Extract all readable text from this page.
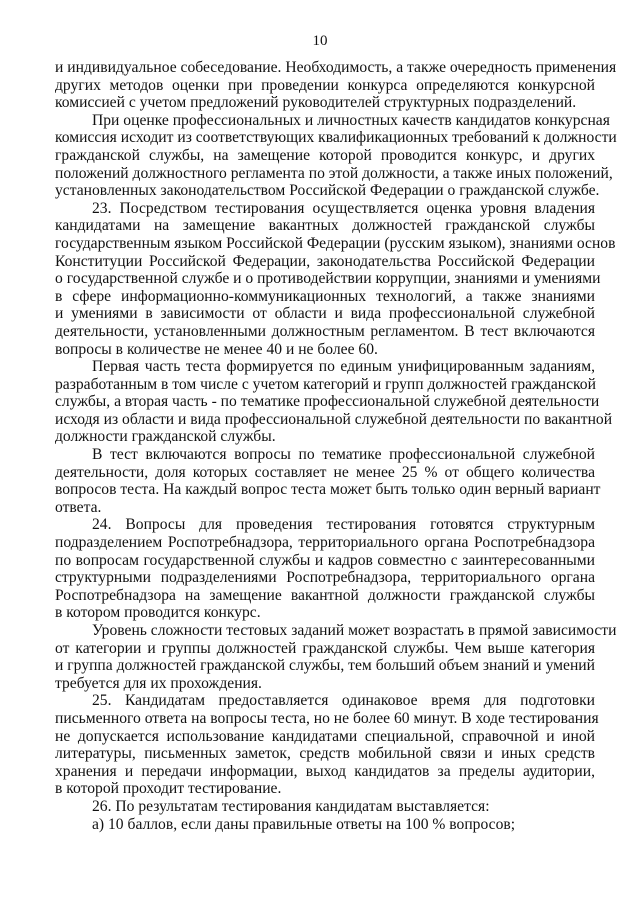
10
и индивидуальное собеседование. Необходимость, а также очередность применения
других методов оценки при проведении конкурса определяются конкурсной
комиссией с учетом предложений руководителей структурных подразделений.
При оценке профессиональных и личностных качеств кандидатов конкурсная
комиссия исходит из соответствующих квалификационных требований к должности
гражданской службы, на замещение которой проводится конкурс, и других
положений должностного регламента по этой должности, а также иных положений,
установленных законодательством Российской Федерации о гражданской службе.
23. Посредством тестирования осуществляется оценка уровня владения
кандидатами на замещение вакантных должностей гражданской службы
государственным языком Российской Федерации (русским языком), знаниями основ
Конституции Российской Федерации, законодательства Российской Федерации
о государственной службе и о противодействии коррупции, знаниями и умениями
в сфере информационно-коммуникационных технологий, а также знаниями
и умениями в зависимости от области и вида профессиональной служебной
деятельности, установленными должностным регламентом. В тест включаются
вопросы в количестве не менее 40 и не более 60.
Первая часть теста формируется по единым унифицированным заданиям,
разработанным в том числе с учетом категорий и групп должностей гражданской
службы, а вторая часть - по тематике профессиональной служебной деятельности
исходя из области и вида профессиональной служебной деятельности по вакантной
должности гражданской службы.
В тест включаются вопросы по тематике профессиональной служебной
деятельности, доля которых составляет не менее 25 % от общего количества
вопросов теста. На каждый вопрос теста может быть только один верный вариант
ответа.
24. Вопросы для проведения тестирования готовятся структурным
подразделением Роспотребнадзора, территориального органа Роспотребнадзора
по вопросам государственной службы и кадров совместно с заинтересованными
структурными подразделениями Роспотребнадзора, территориального органа
Роспотребнадзора на замещение вакантной должности гражданской службы
в котором проводится конкурс.
Уровень сложности тестовых заданий может возрастать в прямой зависимости
от категории и группы должностей гражданской службы. Чем выше категория
и группа должностей гражданской службы, тем больший объем знаний и умений
требуется для их прохождения.
25. Кандидатам предоставляется одинаковое время для подготовки
письменного ответа на вопросы теста, но не более 60 минут. В ходе тестирования
не допускается использование кандидатами специальной, справочной и иной
литературы, письменных заметок, средств мобильной связи и иных средств
хранения и передачи информации, выход кандидатов за пределы аудитории,
в которой проходит тестирование.
26. По результатам тестирования кандидатам выставляется:
а) 10 баллов, если даны правильные ответы на 100 % вопросов;
